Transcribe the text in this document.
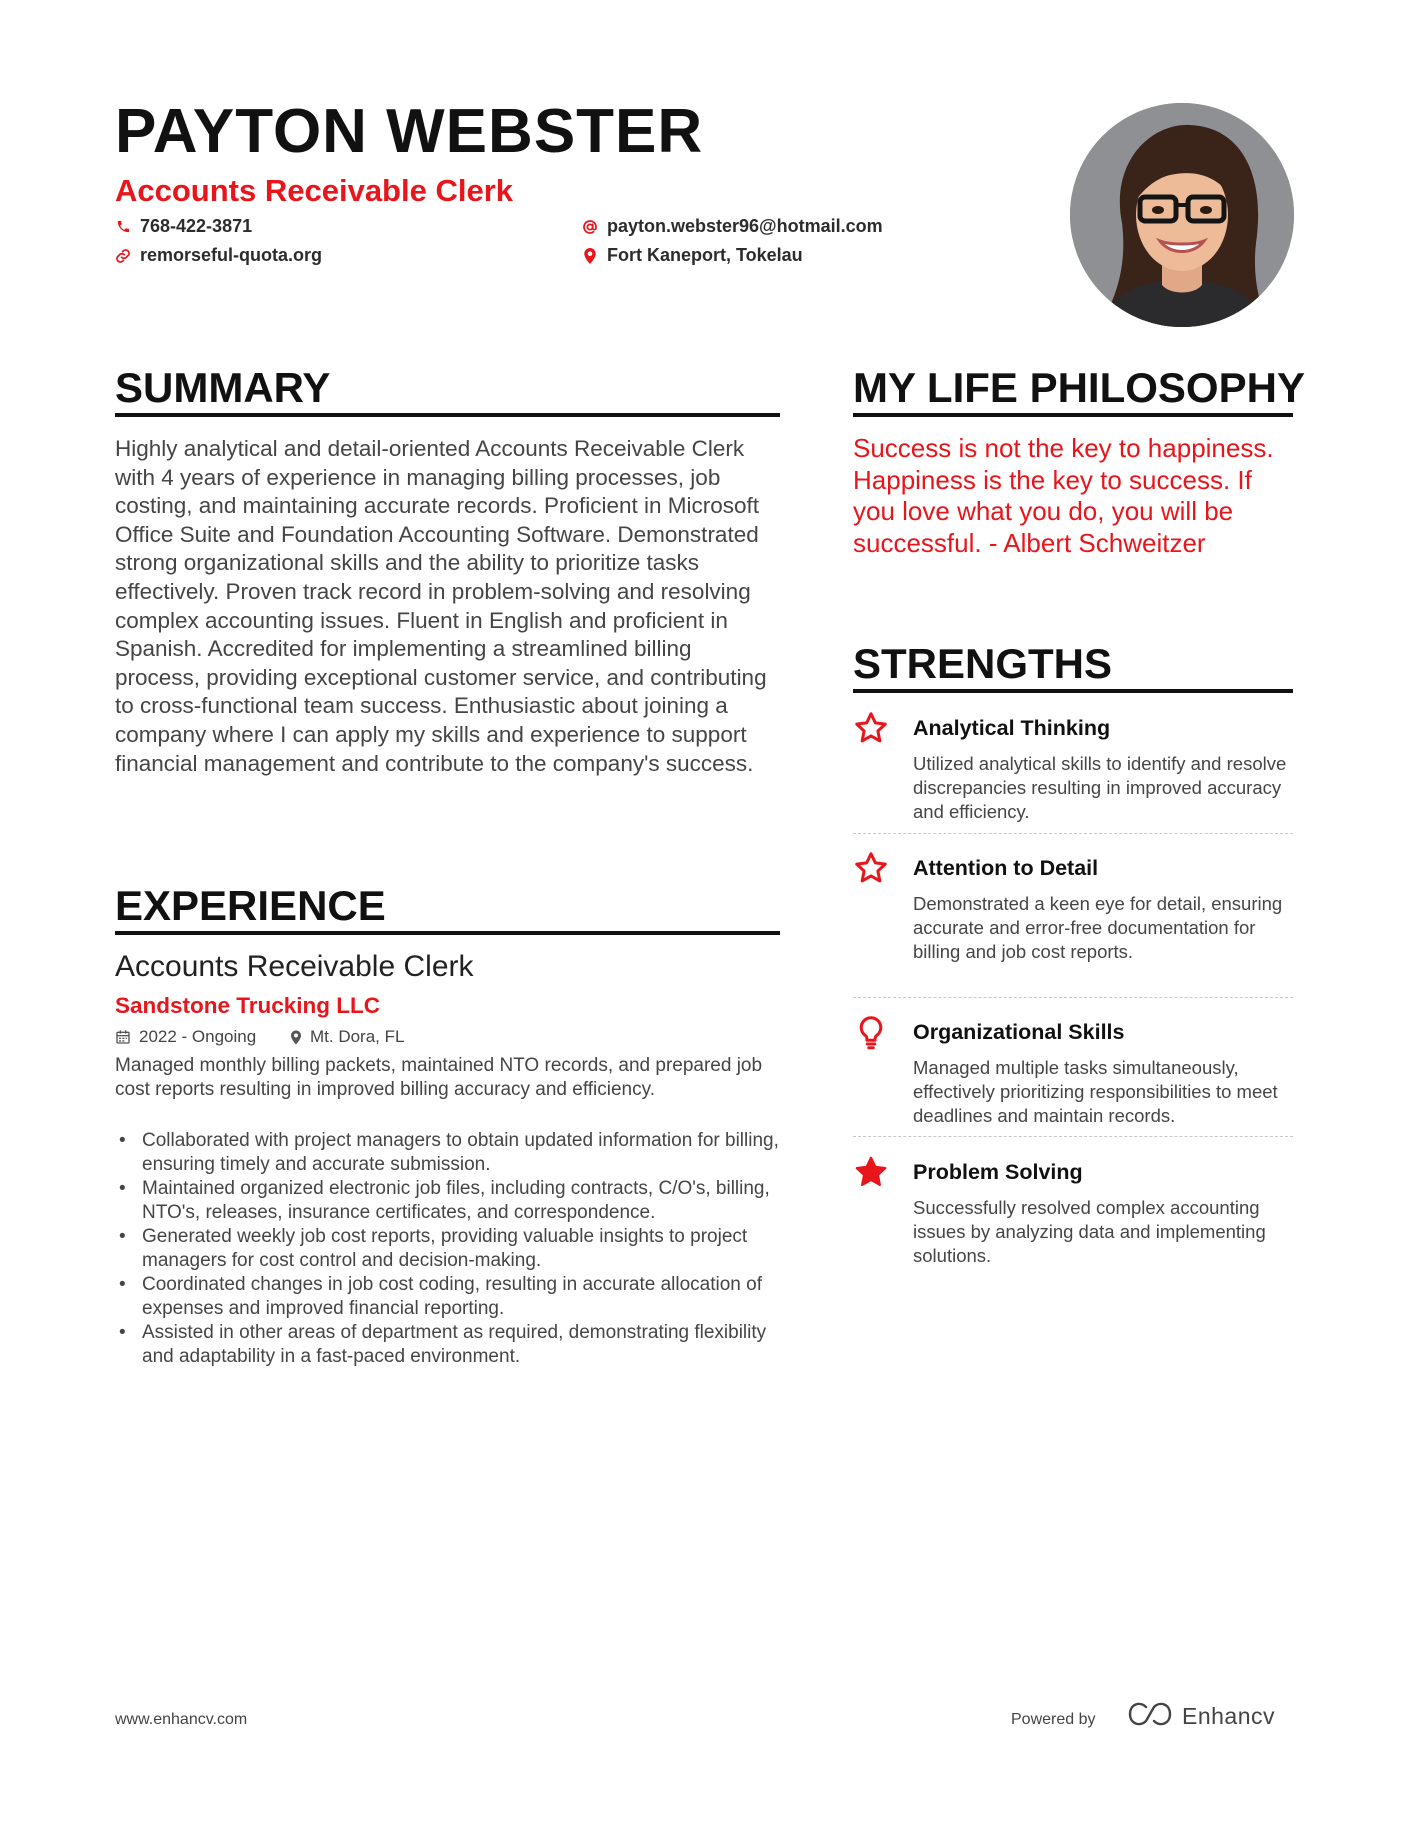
PAYTON WEBSTER
Accounts Receivable Clerk
768-422-3871
remorseful-quota.org
payton.webster96@hotmail.com
Fort Kaneport, Tokelau
SUMMARY
Highly analytical and detail-oriented Accounts Receivable Clerk with 4 years of experience in managing billing processes, job costing, and maintaining accurate records. Proficient in Microsoft Office Suite and Foundation Accounting Software. Demonstrated strong organizational skills and the ability to prioritize tasks effectively. Proven track record in problem-solving and resolving complex accounting issues. Fluent in English and proficient in Spanish. Accredited for implementing a streamlined billing process, providing exceptional customer service, and contributing to cross-functional team success. Enthusiastic about joining a company where I can apply my skills and experience to support financial management and contribute to the company's success.
EXPERIENCE
Accounts Receivable Clerk
Sandstone Trucking LLC
2022 - Ongoing	Mt. Dora, FL
Managed monthly billing packets, maintained NTO records, and prepared job cost reports resulting in improved billing accuracy and efficiency.
• Collaborated with project managers to obtain updated information for billing, ensuring timely and accurate submission.
• Maintained organized electronic job files, including contracts, C/O's, billing, NTO's, releases, insurance certificates, and correspondence.
• Generated weekly job cost reports, providing valuable insights to project managers for cost control and decision-making.
• Coordinated changes in job cost coding, resulting in accurate allocation of expenses and improved financial reporting.
• Assisted in other areas of department as required, demonstrating flexibility and adaptability in a fast-paced environment.
MY LIFE PHILOSOPHY
Success is not the key to happiness. Happiness is the key to success. If you love what you do, you will be successful. - Albert Schweitzer
STRENGTHS
Analytical Thinking
Utilized analytical skills to identify and resolve discrepancies resulting in improved accuracy and efficiency.
Attention to Detail
Demonstrated a keen eye for detail, ensuring accurate and error-free documentation for billing and job cost reports.
Organizational Skills
Managed multiple tasks simultaneously, effectively prioritizing responsibilities to meet deadlines and maintain records.
Problem Solving
Successfully resolved complex accounting issues by analyzing data and implementing solutions.
www.enhancv.com	Powered by	Enhancv
